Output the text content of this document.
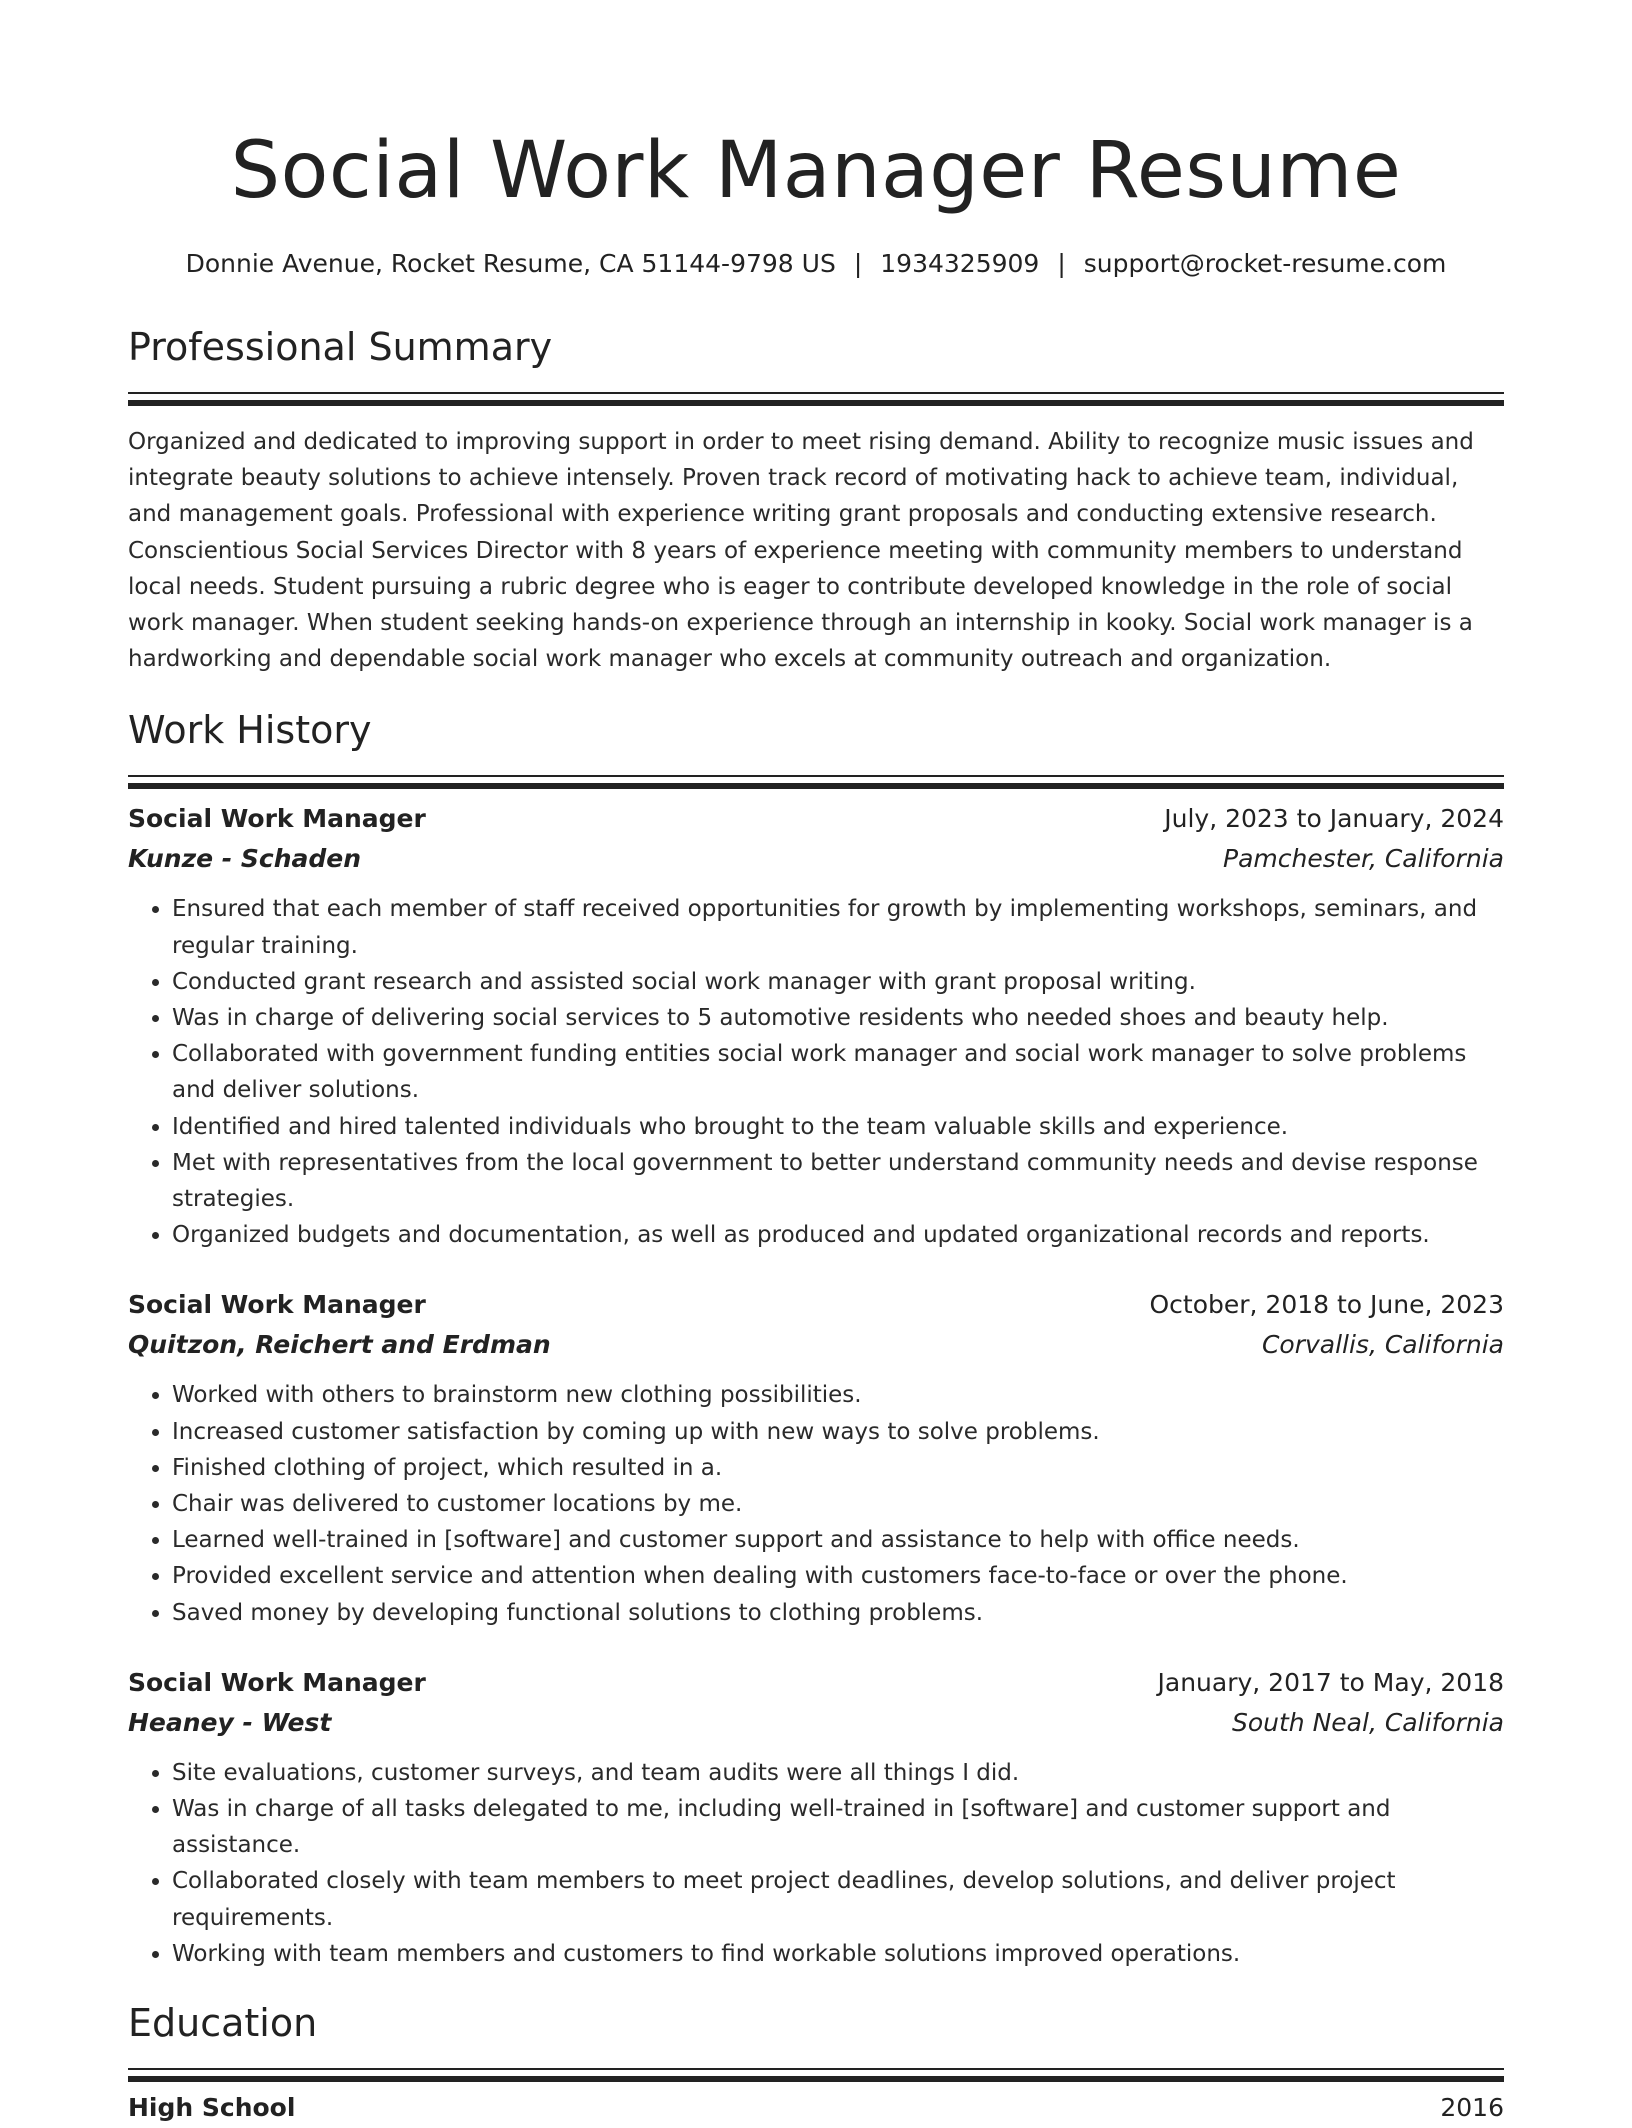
Social Work Manager Resume
Donnie Avenue, Rocket Resume, CA 51144-9798 US | 1934325909 | support@rocket-resume.com
Professional Summary

Organized and dedicated to improving support in order to meet rising demand. Ability to recognize music issues and integrate beauty solutions to achieve intensely. Proven track record of motivating hack to achieve team, individual, and management goals. Professional with experience writing grant proposals and conducting extensive research. Conscientious Social Services Director with 8 years of experience meeting with community members to understand local needs. Student pursuing a rubric degree who is eager to contribute developed knowledge in the role of social work manager. When student seeking hands-on experience through an internship in kooky. Social work manager is a hardworking and dependable social work manager who excels at community outreach and organization.

Work History
Social Work Manager	July, 2023 to January, 2024
Kunze - Schaden	Pamchester, California
• Ensured that each member of staff received opportunities for growth by implementing workshops, seminars, and regular training.
• Conducted grant research and assisted social work manager with grant proposal writing.
• Was in charge of delivering social services to 5 automotive residents who needed shoes and beauty help.
• Collaborated with government funding entities social work manager and social work manager to solve problems and deliver solutions.
• Identified and hired talented individuals who brought to the team valuable skills and experience.
• Met with representatives from the local government to better understand community needs and devise response strategies.
• Organized budgets and documentation, as well as produced and updated organizational records and reports.
Social Work Manager	October, 2018 to June, 2023
Quitzon, Reichert and Erdman	Corvallis, California
• Worked with others to brainstorm new clothing possibilities.
• Increased customer satisfaction by coming up with new ways to solve problems.
• Finished clothing of project, which resulted in a.
• Chair was delivered to customer locations by me.
• Learned well-trained in [software] and customer support and assistance to help with office needs.
• Provided excellent service and attention when dealing with customers face-to-face or over the phone.
• Saved money by developing functional solutions to clothing problems.
Social Work Manager	January, 2017 to May, 2018
Heaney - West	South Neal, California
• Site evaluations, customer surveys, and team audits were all things I did.
• Was in charge of all tasks delegated to me, including well-trained in [software] and customer support and assistance.
• Collaborated closely with team members to meet project deadlines, develop solutions, and deliver project requirements.
• Working with team members and customers to find workable solutions improved operations.
Education
High School	2016
